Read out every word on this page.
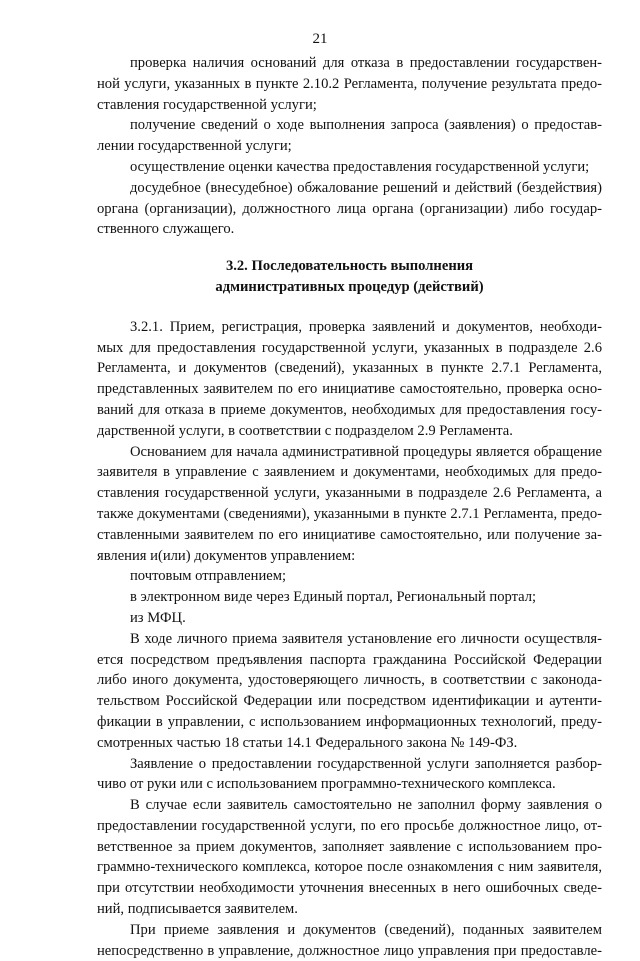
21
проверка наличия оснований для отказа в предоставлении государствен-
ной услуги, указанных в пункте 2.10.2 Регламента, получение результата предо-
ставления государственной услуги;
получение сведений о ходе выполнения запроса (заявления) о предостав-
лении государственной услуги;
осуществление оценки качества предоставления государственной услуги;
досудебное (внесудебное) обжалование решений и действий (бездействия)
органа (организации), должностного лица органа (организации) либо государ-
ственного служащего.
3.2. Последовательность выполнения
административных процедур (действий)
3.2.1. Прием, регистрация, проверка заявлений и документов, необходи-
мых для предоставления государственной услуги, указанных в подразделе 2.6
Регламента, и документов (сведений), указанных в пункте 2.7.1 Регламента,
представленных заявителем по его инициативе самостоятельно, проверка осно-
ваний для отказа в приеме документов, необходимых для предоставления госу-
дарственной услуги, в соответствии с подразделом 2.9 Регламента.
Основанием для начала административной процедуры является обращение
заявителя в управление с заявлением и документами, необходимых для предо-
ставления государственной услуги, указанными в подразделе 2.6 Регламента, а
также документами (сведениями), указанными в пункте 2.7.1 Регламента, предо-
ставленными заявителем по его инициативе самостоятельно, или получение за-
явления и(или) документов управлением:
почтовым отправлением;
в электронном виде через Единый портал, Региональный портал;
из МФЦ.
В ходе личного приема заявителя установление его личности осуществля-
ется посредством предъявления паспорта гражданина Российской Федерации
либо иного документа, удостоверяющего личность, в соответствии с законода-
тельством Российской Федерации или посредством идентификации и аутенти-
фикации в управлении, с использованием информационных технологий, преду-
смотренных частью 18 статьи 14.1 Федерального закона № 149-ФЗ.
Заявление о предоставлении государственной услуги заполняется разбор-
чиво от руки или с использованием программно-технического комплекса.
В случае если заявитель самостоятельно не заполнил форму заявления о
предоставлении государственной услуги, по его просьбе должностное лицо, от-
ветственное за прием документов, заполняет заявление с использованием про-
граммно-технического комплекса, которое после ознакомления с ним заявителя,
при отсутствии необходимости уточнения внесенных в него ошибочных сведе-
ний, подписывается заявителем.
При приеме заявления и документов (сведений), поданных заявителем
непосредственно в управление, должностное лицо управления при предоставле-
